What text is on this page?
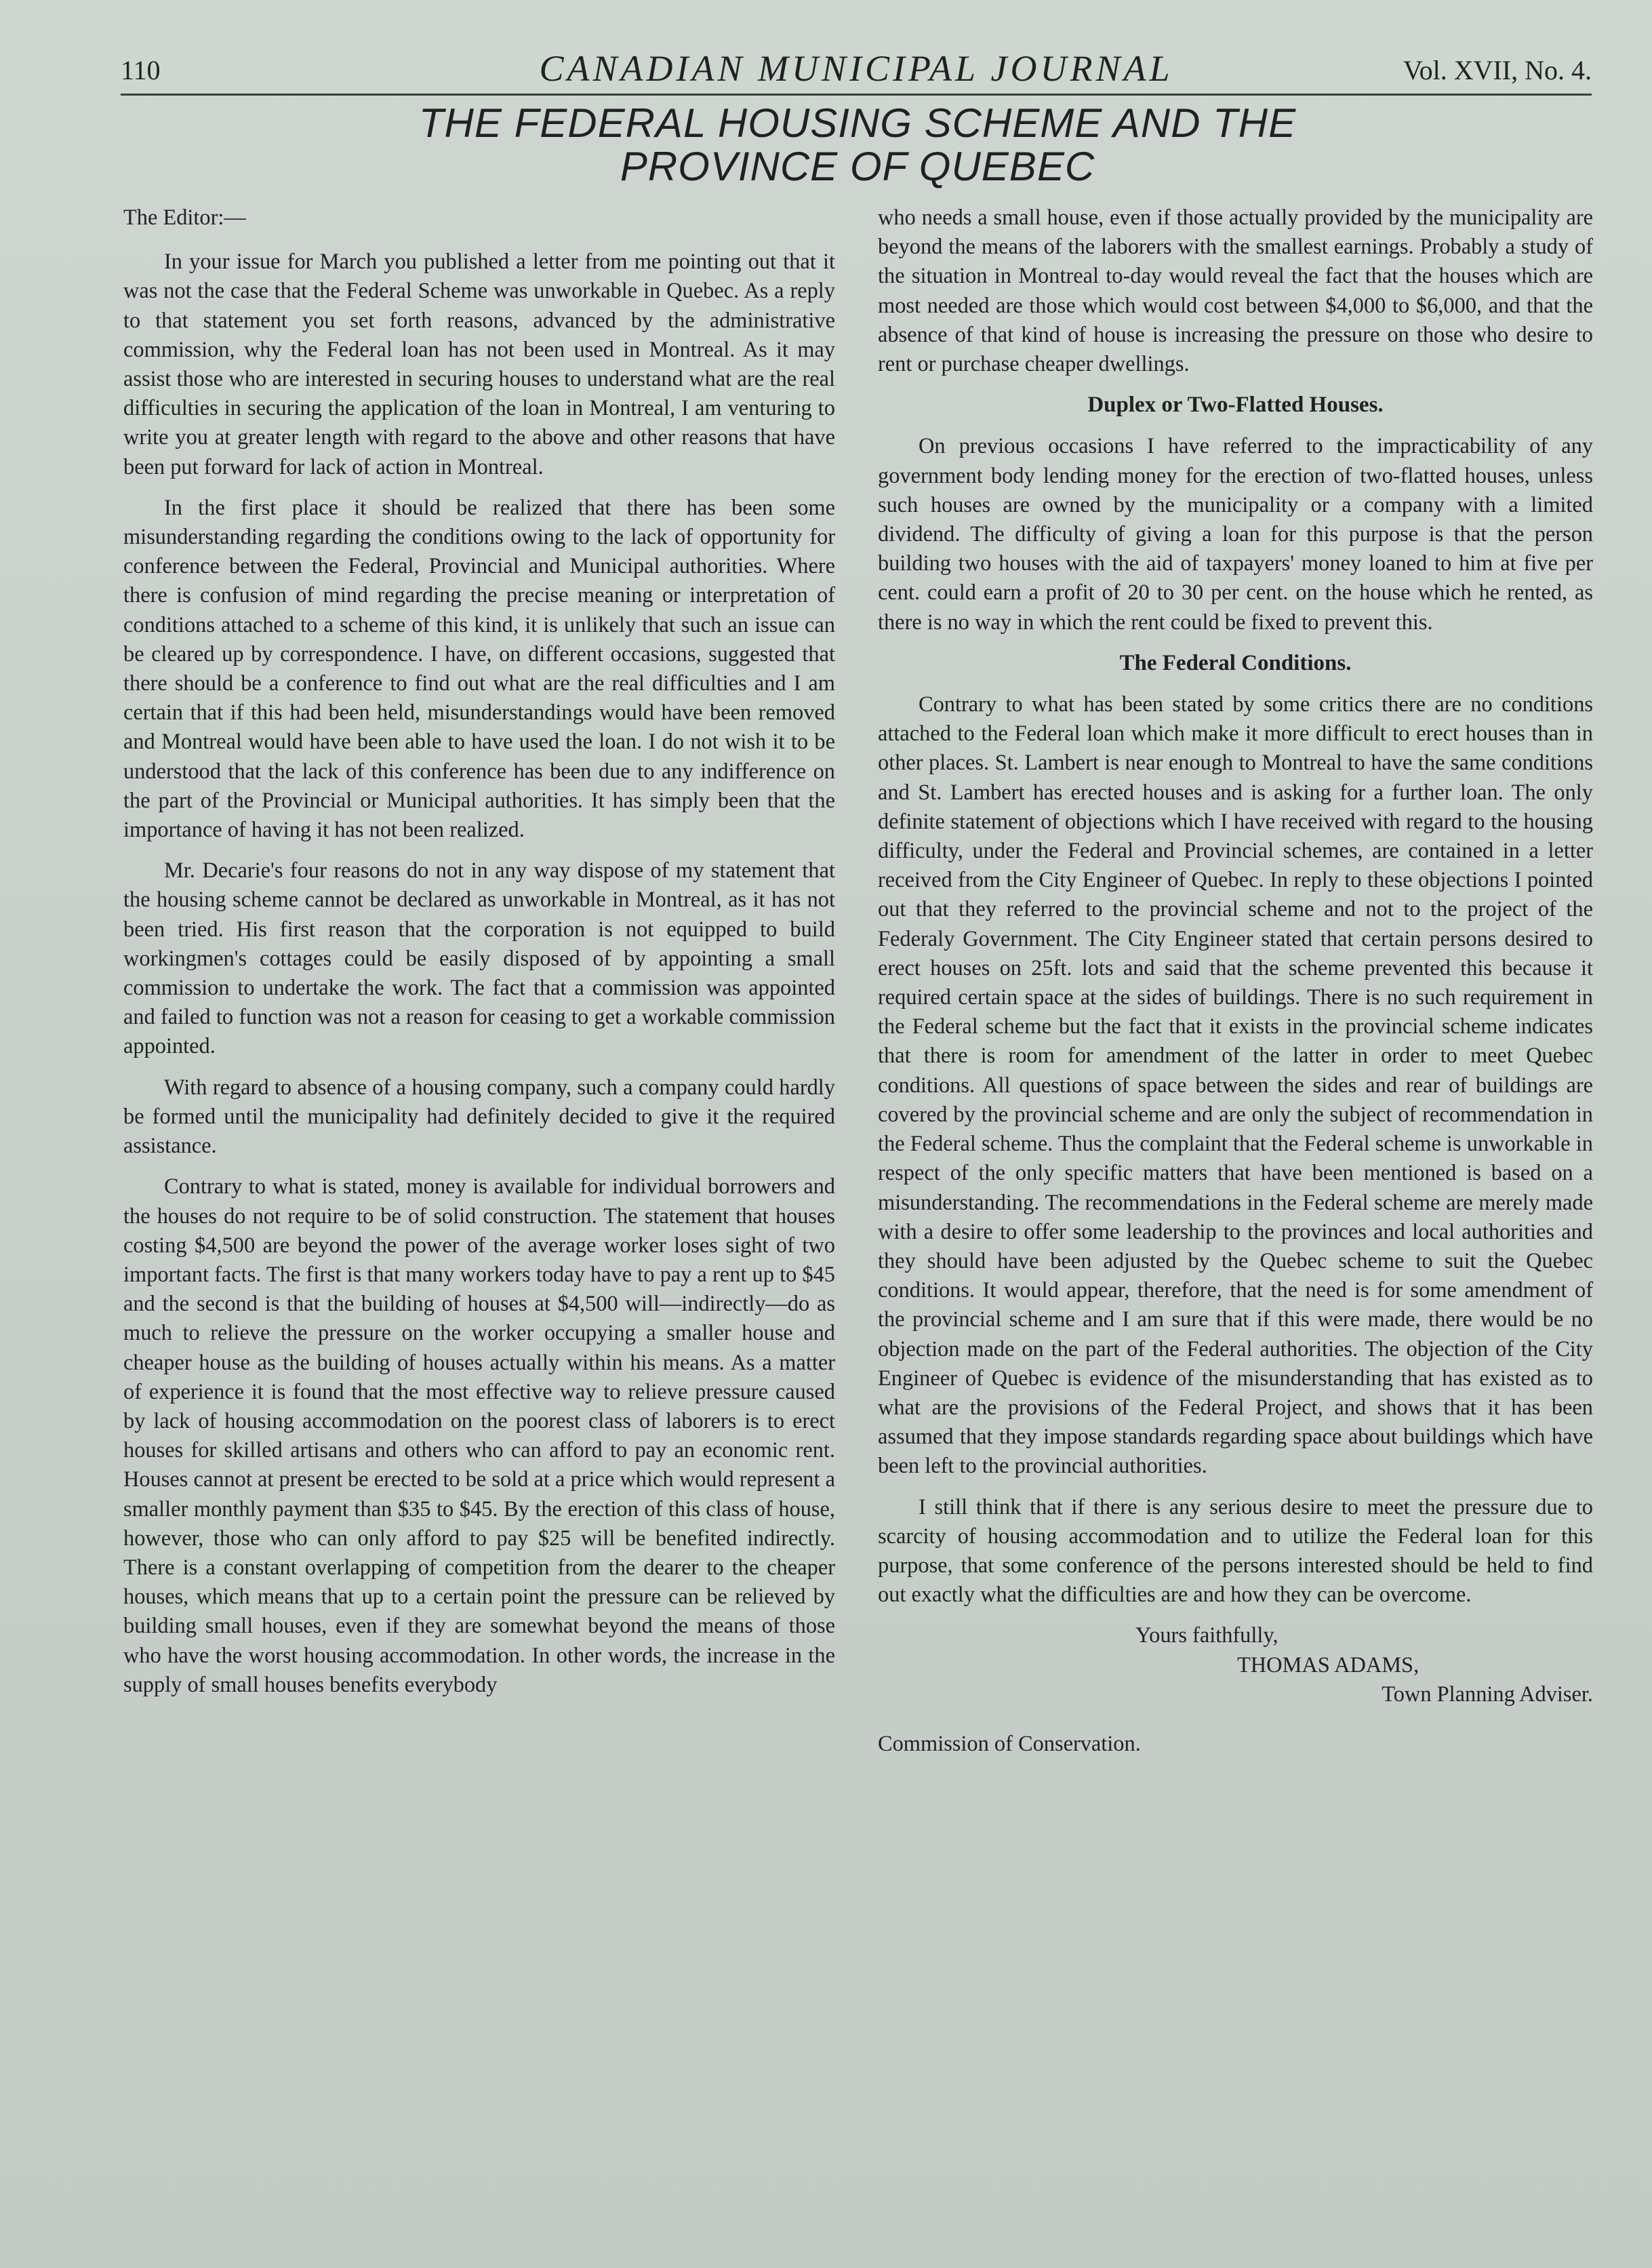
110	CANADIAN MUNICIPAL JOURNAL	Vol. XVII, No. 4.
THE FEDERAL HOUSING SCHEME AND THE
PROVINCE OF QUEBEC

The Editor:—

In your issue for March you published a letter from me pointing out that it was not the case that the Federal Scheme was unworkable in Quebec. As a reply to that statement you set forth reasons, advanced by the administrative commission, why the Federal loan has not been used in Montreal. As it may assist those who are interested in securing houses to understand what are the real difficulties in securing the application of the loan in Montreal, I am venturing to write you at greater length with regard to the above and other reasons that have been put forward for lack of action in Montreal.

In the first place it should be realized that there has been some misunderstanding regarding the conditions owing to the lack of opportunity for conference between the Federal, Provincial and Municipal authorities. Where there is confusion of mind regarding the precise meaning or interpretation of conditions attached to a scheme of this kind, it is unlikely that such an issue can be cleared up by correspondence. I have, on different occasions, suggested that there should be a conference to find out what are the real difficulties and I am certain that if this had been held, misunderstandings would have been removed and Montreal would have been able to have used the loan. I do not wish it to be understood that the lack of this conference has been due to any indifference on the part of the Provincial or Municipal authorities. It has simply been that the importance of having it has not been realized.

Mr. Decarie's four reasons do not in any way dispose of my statement that the housing scheme cannot be declared as unworkable in Montreal, as it has not been tried. His first reason that the corporation is not equipped to build workingmen's cottages could be easily disposed of by appointing a small commission to undertake the work. The fact that a commission was appointed and failed to function was not a reason for ceasing to get a workable commission appointed.

With regard to absence of a housing company, such a company could hardly be formed until the municipality had definitely decided to give it the required assistance.

Contrary to what is stated, money is available for individual borrowers and the houses do not require to be of solid construction. The statement that houses costing $4,500 are beyond the power of the average worker loses sight of two important facts. The first is that many workers today have to pay a rent up to $45 and the second is that the building of houses at $4,500 will—indirectly—do as much to relieve the pressure on the worker occupying a smaller house and cheaper house as the building of houses actually within his means. As a matter of experience it is found that the most effective way to relieve pressure caused by lack of housing accommodation on the poorest class of laborers is to erect houses for skilled artisans and others who can afford to pay an economic rent. Houses cannot at present be erected to be sold at a price which would represent a smaller monthly payment than $35 to $45. By the erection of this class of house, however, those who can only afford to pay $25 will be benefited indirectly. There is a constant overlapping of competition from the dearer to the cheaper houses, which means that up to a certain point the pressure can be relieved by building small houses, even if they are somewhat beyond the means of those who have the worst housing accommodation. In other words, the increase in the supply of small houses benefits everybody

who needs a small house, even if those actually provided by the municipality are beyond the means of the laborers with the smallest earnings. Probably a study of the situation in Montreal to-day would reveal the fact that the houses which are most needed are those which would cost between $4,000 to $6,000, and that the absence of that kind of house is increasing the pressure on those who desire to rent or purchase cheaper dwellings.

Duplex or Two-Flatted Houses.

On previous occasions I have referred to the impracticability of any government body lending money for the erection of two-flatted houses, unless such houses are owned by the municipality or a company with a limited dividend. The difficulty of giving a loan for this purpose is that the person building two houses with the aid of taxpayers' money loaned to him at five per cent. could earn a profit of 20 to 30 per cent. on the house which he rented, as there is no way in which the rent could be fixed to prevent this.

The Federal Conditions.

Contrary to what has been stated by some critics there are no conditions attached to the Federal loan which make it more difficult to erect houses than in other places. St. Lambert is near enough to Montreal to have the same conditions and St. Lambert has erected houses and is asking for a further loan. The only definite statement of objections which I have received with regard to the housing difficulty, under the Federal and Provincial schemes, are contained in a letter received from the City Engineer of Quebec. In reply to these objections I pointed out that they referred to the provincial scheme and not to the project of the Federaly Government. The City Engineer stated that certain persons desired to erect houses on 25ft. lots and said that the scheme prevented this because it required certain space at the sides of buildings. There is no such requirement in the Federal scheme but the fact that it exists in the provincial scheme indicates that there is room for amendment of the latter in order to meet Quebec conditions. All questions of space between the sides and rear of buildings are covered by the provincial scheme and are only the subject of recommendation in the Federal scheme. Thus the complaint that the Federal scheme is unworkable in respect of the only specific matters that have been mentioned is based on a misunderstanding. The recommendations in the Federal scheme are merely made with a desire to offer some leadership to the provinces and local authorities and they should have been adjusted by the Quebec scheme to suit the Quebec conditions. It would appear, therefore, that the need is for some amendment of the provincial scheme and I am sure that if this were made, there would be no objection made on the part of the Federal authorities. The objection of the City Engineer of Quebec is evidence of the misunderstanding that has existed as to what are the provisions of the Federal Project, and shows that it has been assumed that they impose standards regarding space about buildings which have been left to the provincial authorities.

I still think that if there is any serious desire to meet the pressure due to scarcity of housing accommodation and to utilize the Federal loan for this purpose, that some conference of the persons interested should be held to find out exactly what the difficulties are and how they can be overcome.

Yours faithfully,
THOMAS ADAMS,
Town Planning Adviser.
Commission of Conservation.
